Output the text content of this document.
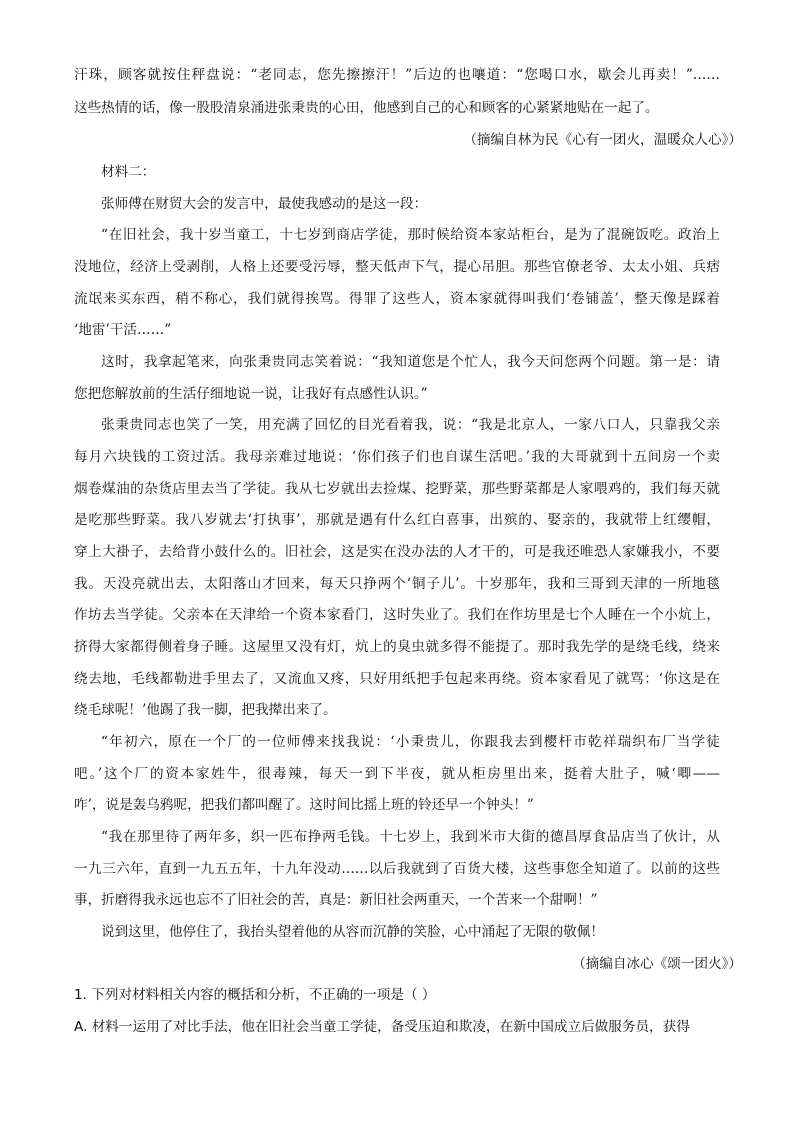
汗珠，顾客就按住秤盘说：“老同志，您先擦擦汗！”后边的也嚷道：“您喝口水，歇会儿再卖！”……
这些热情的话，像一股股清泉涌进张秉贵的心田，他感到自己的心和顾客的心紧紧地贴在一起了。
（摘编自林为民《心有一团火，温暖众人心》）
材料二：
张师傅在财贸大会的发言中，最使我感动的是这一段：
“在旧社会，我十岁当童工，十七岁到商店学徒，那时候给资本家站柜台，是为了混碗饭吃。政治上
没地位，经济上受剥削，人格上还要受污辱，整天低声下气，提心吊胆。那些官僚老爷、太太小姐、兵痞
流氓来买东西，稍不称心，我们就得挨骂。得罪了这些人，资本家就得叫我们‘卷铺盖’，整天像是踩着
‘地雷’干活……”
这时，我拿起笔来，向张秉贵同志笑着说：“我知道您是个忙人，我今天问您两个问题。第一是：请
您把您解放前的生活仔细地说一说，让我好有点感性认识。”
张秉贵同志也笑了一笑，用充满了回忆的目光看着我，说：“我是北京人，一家八口人，只靠我父亲
每月六块钱的工资过活。我母亲难过地说：‘你们孩子们也自谋生活吧。’我的大哥就到十五间房一个卖
烟卷煤油的杂货店里去当了学徒。我从七岁就出去捡煤、挖野菜，那些野菜都是人家喂鸡的，我们每天就
是吃那些野菜。我八岁就去‘打执事’，那就是遇有什么红白喜事，出殡的、娶亲的，我就带上红缨帽，
穿上大褂子，去给背小鼓什么的。旧社会，这是实在没办法的人才干的，可是我还唯恐人家嫌我小，不要
我。天没亮就出去，太阳落山才回来，每天只挣两个‘铜子儿’。十岁那年，我和三哥到天津的一所地毯
作坊去当学徒。父亲本在天津给一个资本家看门，这时失业了。我们在作坊里是七个人睡在一个小炕上，
挤得大家都得侧着身子睡。这屋里又没有灯，炕上的臭虫就多得不能提了。那时我先学的是绕毛线，绕来
绕去地，毛线都勒进手里去了，又流血又疼，只好用纸把手包起来再绕。资本家看见了就骂：‘你这是在
绕毛球呢！’他踢了我一脚，把我撵出来了。
“年初六，原在一个厂的一位师傅来找我说：‘小秉贵儿，你跟我去到樱杆市乾祥瑞织布厂当学徒
吧。’这个厂的资本家姓牛，很毒辣，每天一到下半夜，就从柜房里出来，挺着大肚子，喊‘唧——
咋’，说是轰乌鸦呢，把我们都叫醒了。这时间比摇上班的铃还早一个钟头！”
“我在那里待了两年多，织一匹布挣两毛钱。十七岁上，我到米市大街的德昌厚食品店当了伙计，从
一九三六年，直到一九五五年，十九年没动……以后我就到了百货大楼，这些事您全知道了。以前的这些
事，折磨得我永远也忘不了旧社会的苦，真是：新旧社会两重天，一个苦来一个甜啊！”
说到这里，他停住了，我抬头望着他的从容而沉静的笑脸，心中涌起了无限的敬佩！
（摘编自冰心《颂一团火》）
1. 下列对材料相关内容的概括和分析，不正确的一项是（ ）
A. 材料一运用了对比手法，他在旧社会当童工学徒，备受压迫和欺凌，在新中国成立后做服务员，获得
